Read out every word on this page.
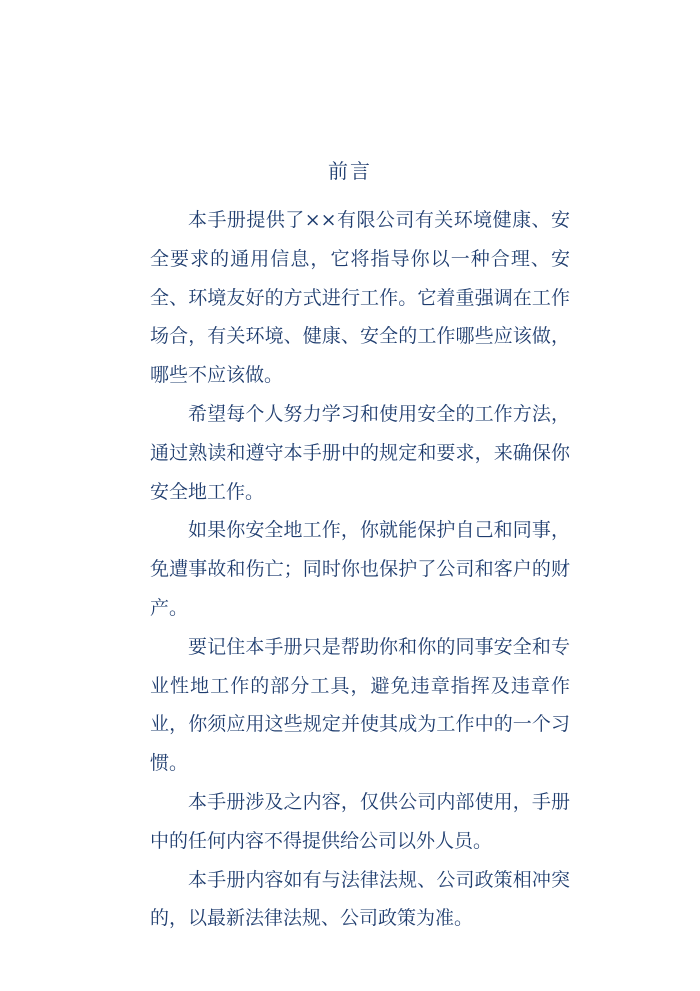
前言

本手册提供了××有限公司有关环境健康、安全要求的通用信息，它将指导你以一种合理、安全、环境友好的方式进行工作。它着重强调在工作场合，有关环境、健康、安全的工作哪些应该做，哪些不应该做。

希望每个人努力学习和使用安全的工作方法，通过熟读和遵守本手册中的规定和要求，来确保你安全地工作。

如果你安全地工作，你就能保护自己和同事，免遭事故和伤亡；同时你也保护了公司和客户的财产。

要记住本手册只是帮助你和你的同事安全和专业性地工作的部分工具，避免违章指挥及违章作业，你须应用这些规定并使其成为工作中的一个习惯。

本手册涉及之内容，仅供公司内部使用，手册中的任何内容不得提供给公司以外人员。

本手册内容如有与法律法规、公司政策相冲突的，以最新法律法规、公司政策为准。
